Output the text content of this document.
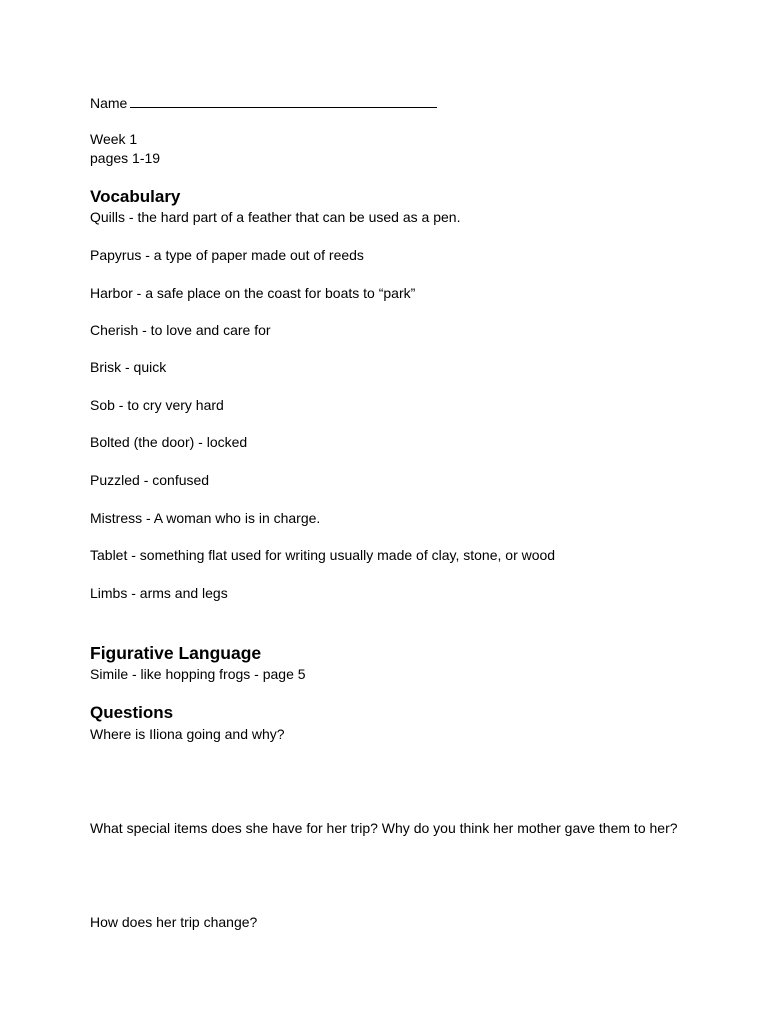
Name
Week 1
pages 1-19
Vocabulary
Quills - the hard part of a feather that can be used as a pen.
Papyrus - a type of paper made out of reeds
Harbor - a safe place on the coast for boats to “park”
Cherish - to love and care for
Brisk - quick
Sob - to cry very hard
Bolted (the door) - locked
Puzzled - confused
Mistress - A woman who is in charge.
Tablet - something flat used for writing usually made of clay, stone, or wood
Limbs - arms and legs
Figurative Language
Simile - like hopping frogs - page 5
Questions
Where is Iliona going and why?
What special items does she have for her trip? Why do you think her mother gave them to her?
How does her trip change?
